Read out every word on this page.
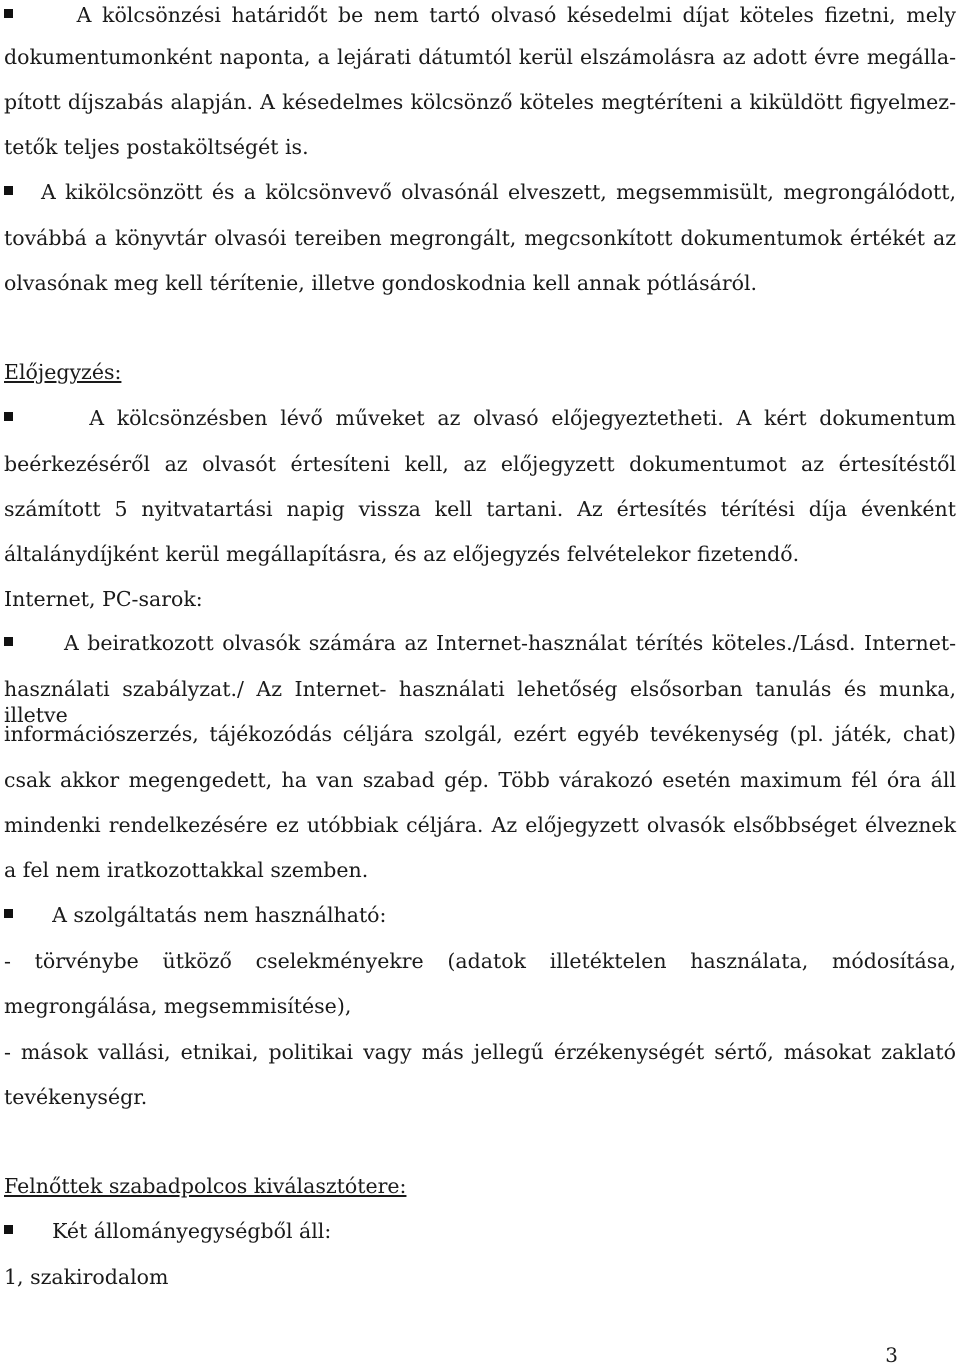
A kölcsönzési határidőt be nem tartó olvasó késedelmi díjat köteles fizetni, mely
dokumentumonként naponta, a lejárati dátumtól kerül elszámolásra az adott évre megálla-
pított díjszabás alapján. A késedelmes kölcsönző köteles megtéríteni a kiküldött figyelmez-
tetők teljes postaköltségét is.
A kikölcsönzött és a kölcsönvevő olvasónál elveszett, megsemmisült, megrongálódott,
továbbá a könyvtár olvasói tereiben megrongált, megcsonkított dokumentumok értékét az
olvasónak meg kell térítenie, illetve gondoskodnia kell annak pótlásáról.
Előjegyzés:
A kölcsönzésben lévő műveket az olvasó előjegyeztetheti. A kért dokumentum
beérkezéséről az olvasót értesíteni kell, az előjegyzett dokumentumot az értesítéstől
számított 5 nyitvatartási napig vissza kell tartani. Az értesítés térítési díja évenként
általánydíjként kerül megállapításra, és az előjegyzés felvételekor fizetendő.
Internet, PC-sarok:
A beiratkozott olvasók számára az Internet-használat térítés köteles./Lásd. Internet-
használati szabályzat./ Az Internet- használati lehetőség elsősorban tanulás és munka, illetve
információszerzés, tájékozódás céljára szolgál, ezért egyéb tevékenység (pl. játék, chat)
csak akkor megengedett, ha van szabad gép. Több várakozó esetén maximum fél óra áll
mindenki rendelkezésére ez utóbbiak céljára. Az előjegyzett olvasók elsőbbséget élveznek
a fel nem iratkozottakkal szemben.
A szolgáltatás nem használható:
- törvénybe ütköző cselekményekre (adatok illetéktelen használata, módosítása,
megrongálása, megsemmisítése),
- mások vallási, etnikai, politikai vagy más jellegű érzékenységét sértő, másokat zaklató
tevékenységr.
Felnőttek szabadpolcos kiválasztótere:
Két állományegységből áll:
1, szakirodalom
3
